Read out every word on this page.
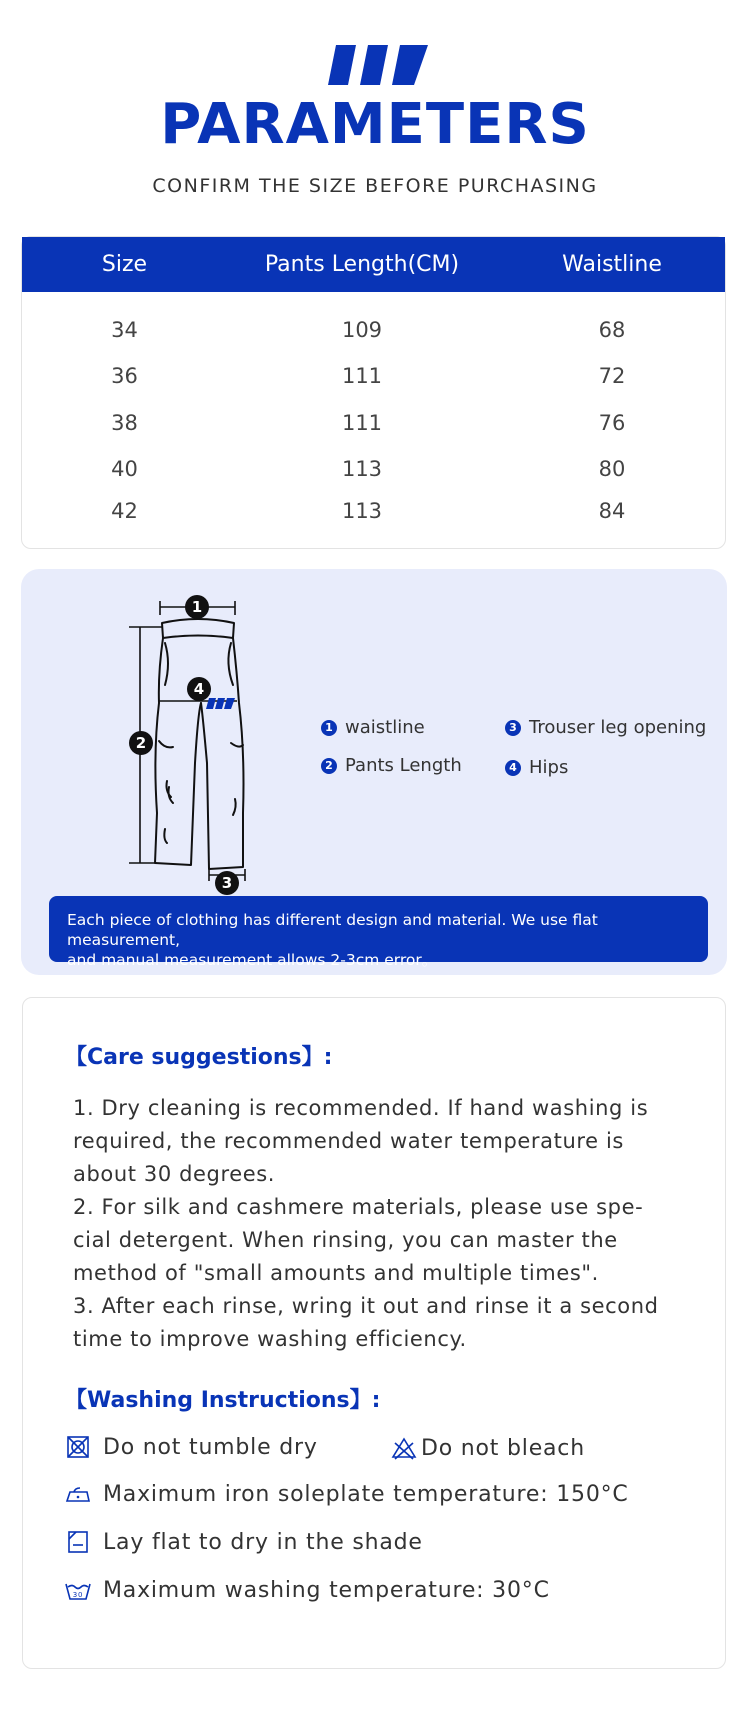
PARAMETERS
CONFIRM THE SIZE BEFORE PURCHASING
Size	Pants Length(CM)	Waistline
34	109	68
36	111	72
38	111	76
40	113	80
42	113	84
1
2
3
4
1 waistline
2 Pants Length
3 Trouser leg opening
4 Hips
Each piece of clothing has different design and material. We use flat measurement,
and manual measurement allows 2-3cm error。
【Care suggestions】:
1. Dry cleaning is recommended. If hand washing is
required, the recommended water temperature is
about 30 degrees.
2. For silk and cashmere materials, please use spe-
cial detergent. When rinsing, you can master the
method of "small amounts and multiple times".
3. After each rinse, wring it out and rinse it a second
time to improve washing efficiency.
【Washing Instructions】:
Do not tumble dry	Do not bleach
Maximum iron soleplate temperature: 150°C
Lay flat to dry in the shade
30 Maximum washing temperature: 30°C
